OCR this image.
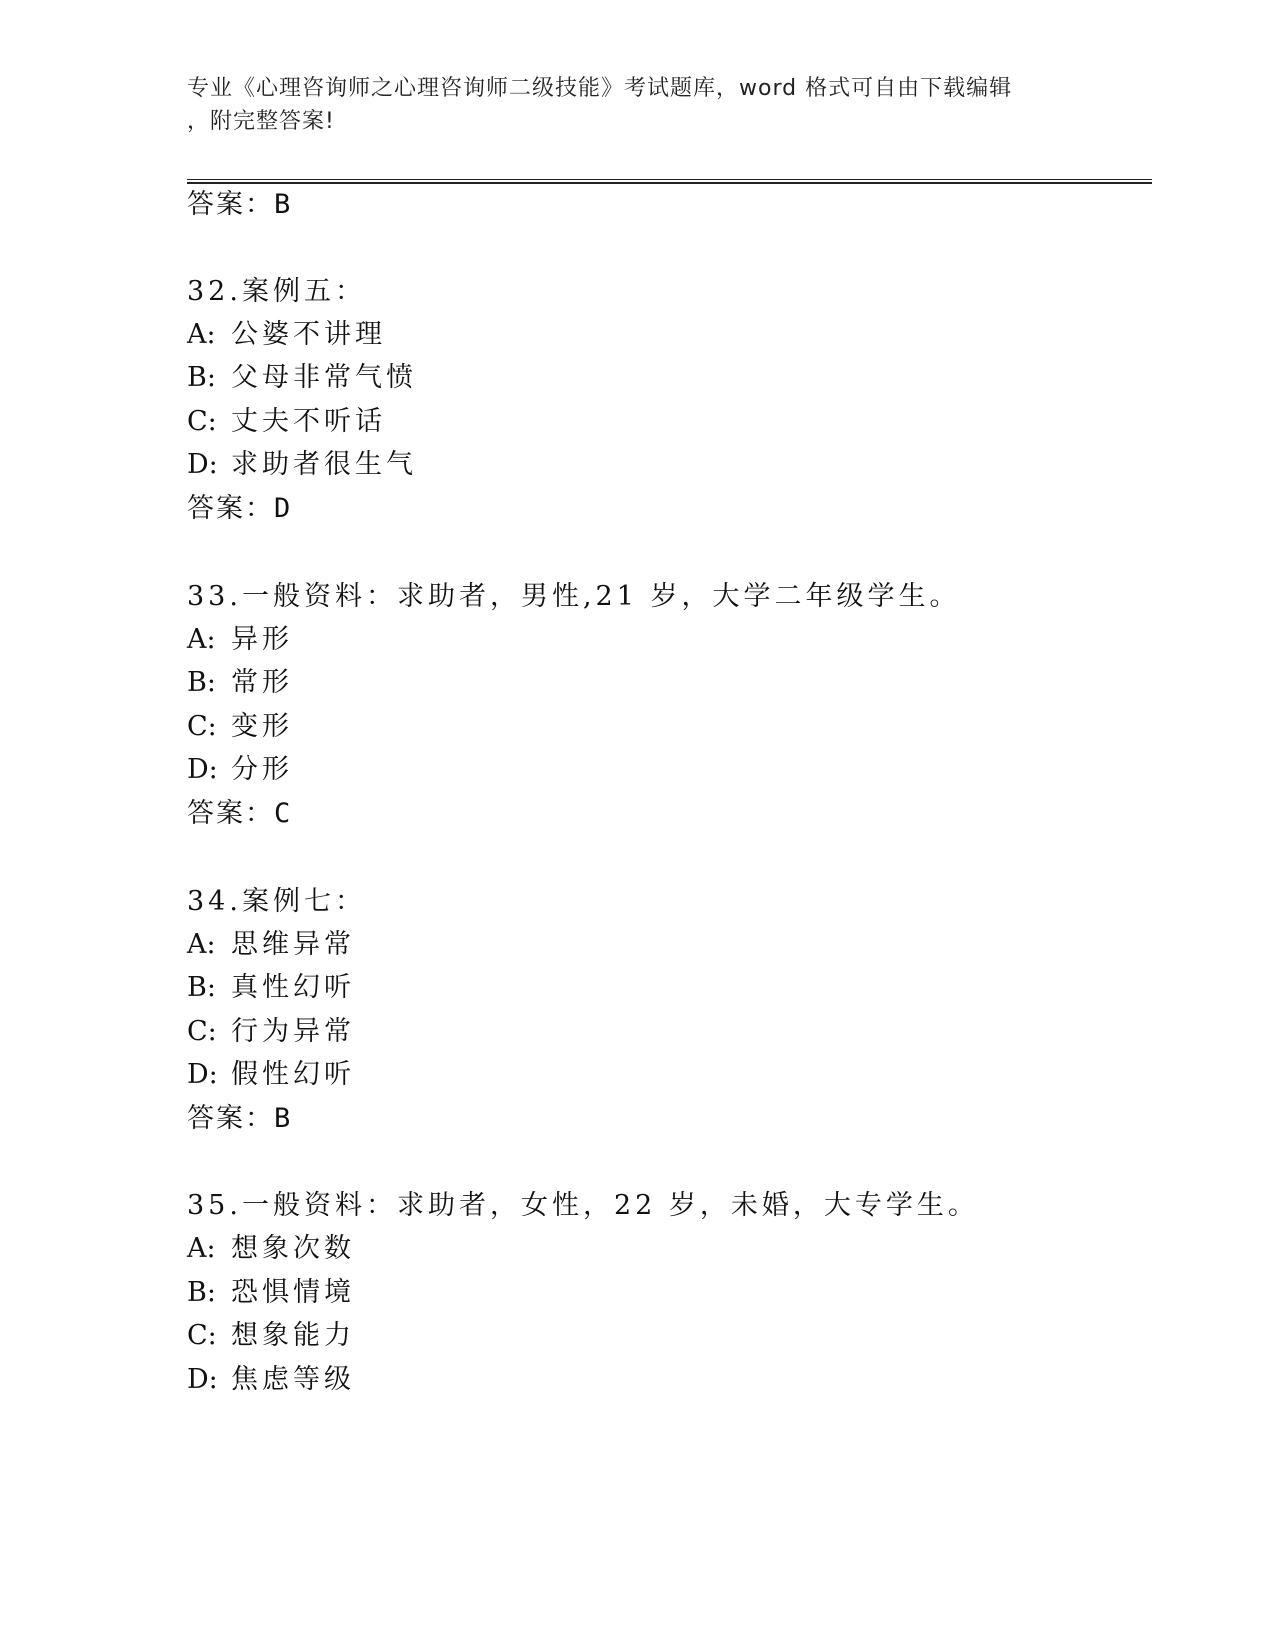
专业《心理咨询师之心理咨询师二级技能》考试题库，word 格式可自由下载编辑
，附完整答案!
答案：B
32.案例五：
A: 公婆不讲理
B: 父母非常气愤
C: 丈夫不听话
D: 求助者很生气
答案：D
33.一般资料：求助者，男性,21 岁，大学二年级学生。
A: 异形
B: 常形
C: 变形
D: 分形
答案：C
34.案例七：
A: 思维异常
B: 真性幻听
C: 行为异常
D: 假性幻听
答案：B
35.一般资料：求助者，女性，22 岁，未婚，大专学生。
A: 想象次数
B: 恐惧情境
C: 想象能力
D: 焦虑等级
